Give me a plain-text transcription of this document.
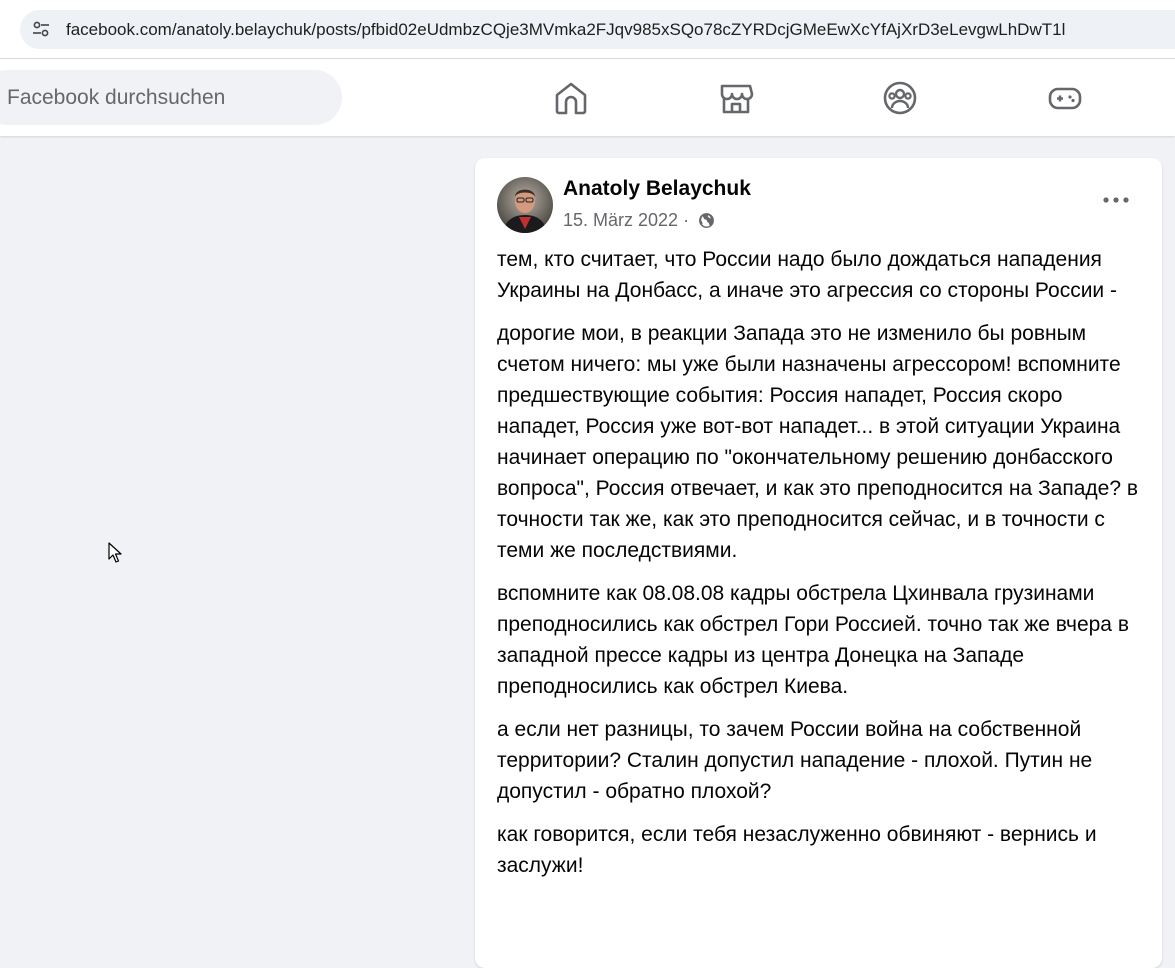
facebook.com/anatoly.belaychuk/posts/pfbid02eUdmbzCQje3MVmka2FJqv985xSQo78cZYRDcjGMeEwXcYfAjXrD3eLevgwLhDwT1l
Facebook durchsuchen
Anatoly Belaychuk
15. März 2022 ·

тем, кто считает, что России надо было дождаться нападения Украины на Донбасс, а иначе это агрессия со стороны России -

дорогие мои, в реакции Запада это не изменило бы ровным счетом ничего: мы уже были назначены агрессором! вспомните предшествующие события: Россия нападет, Россия скоро нападет, Россия уже вот-вот нападет... в этой ситуации Украина начинает операцию по "окончательному решению донбасского вопроса", Россия отвечает, и как это преподносится на Западе? в точности так же, как это преподносится сейчас, и в точности с теми же последствиями.

вспомните как 08.08.08 кадры обстрела Цхинвала грузинами преподносились как обстрел Гори Россией. точно так же вчера в западной прессе кадры из центра Донецка на Западе преподносились как обстрел Киева.

а если нет разницы, то зачем России война на собственной территории? Сталин допустил нападение - плохой. Путин не допустил - обратно плохой?

как говорится, если тебя незаслуженно обвиняют - вернись и заслужи!
